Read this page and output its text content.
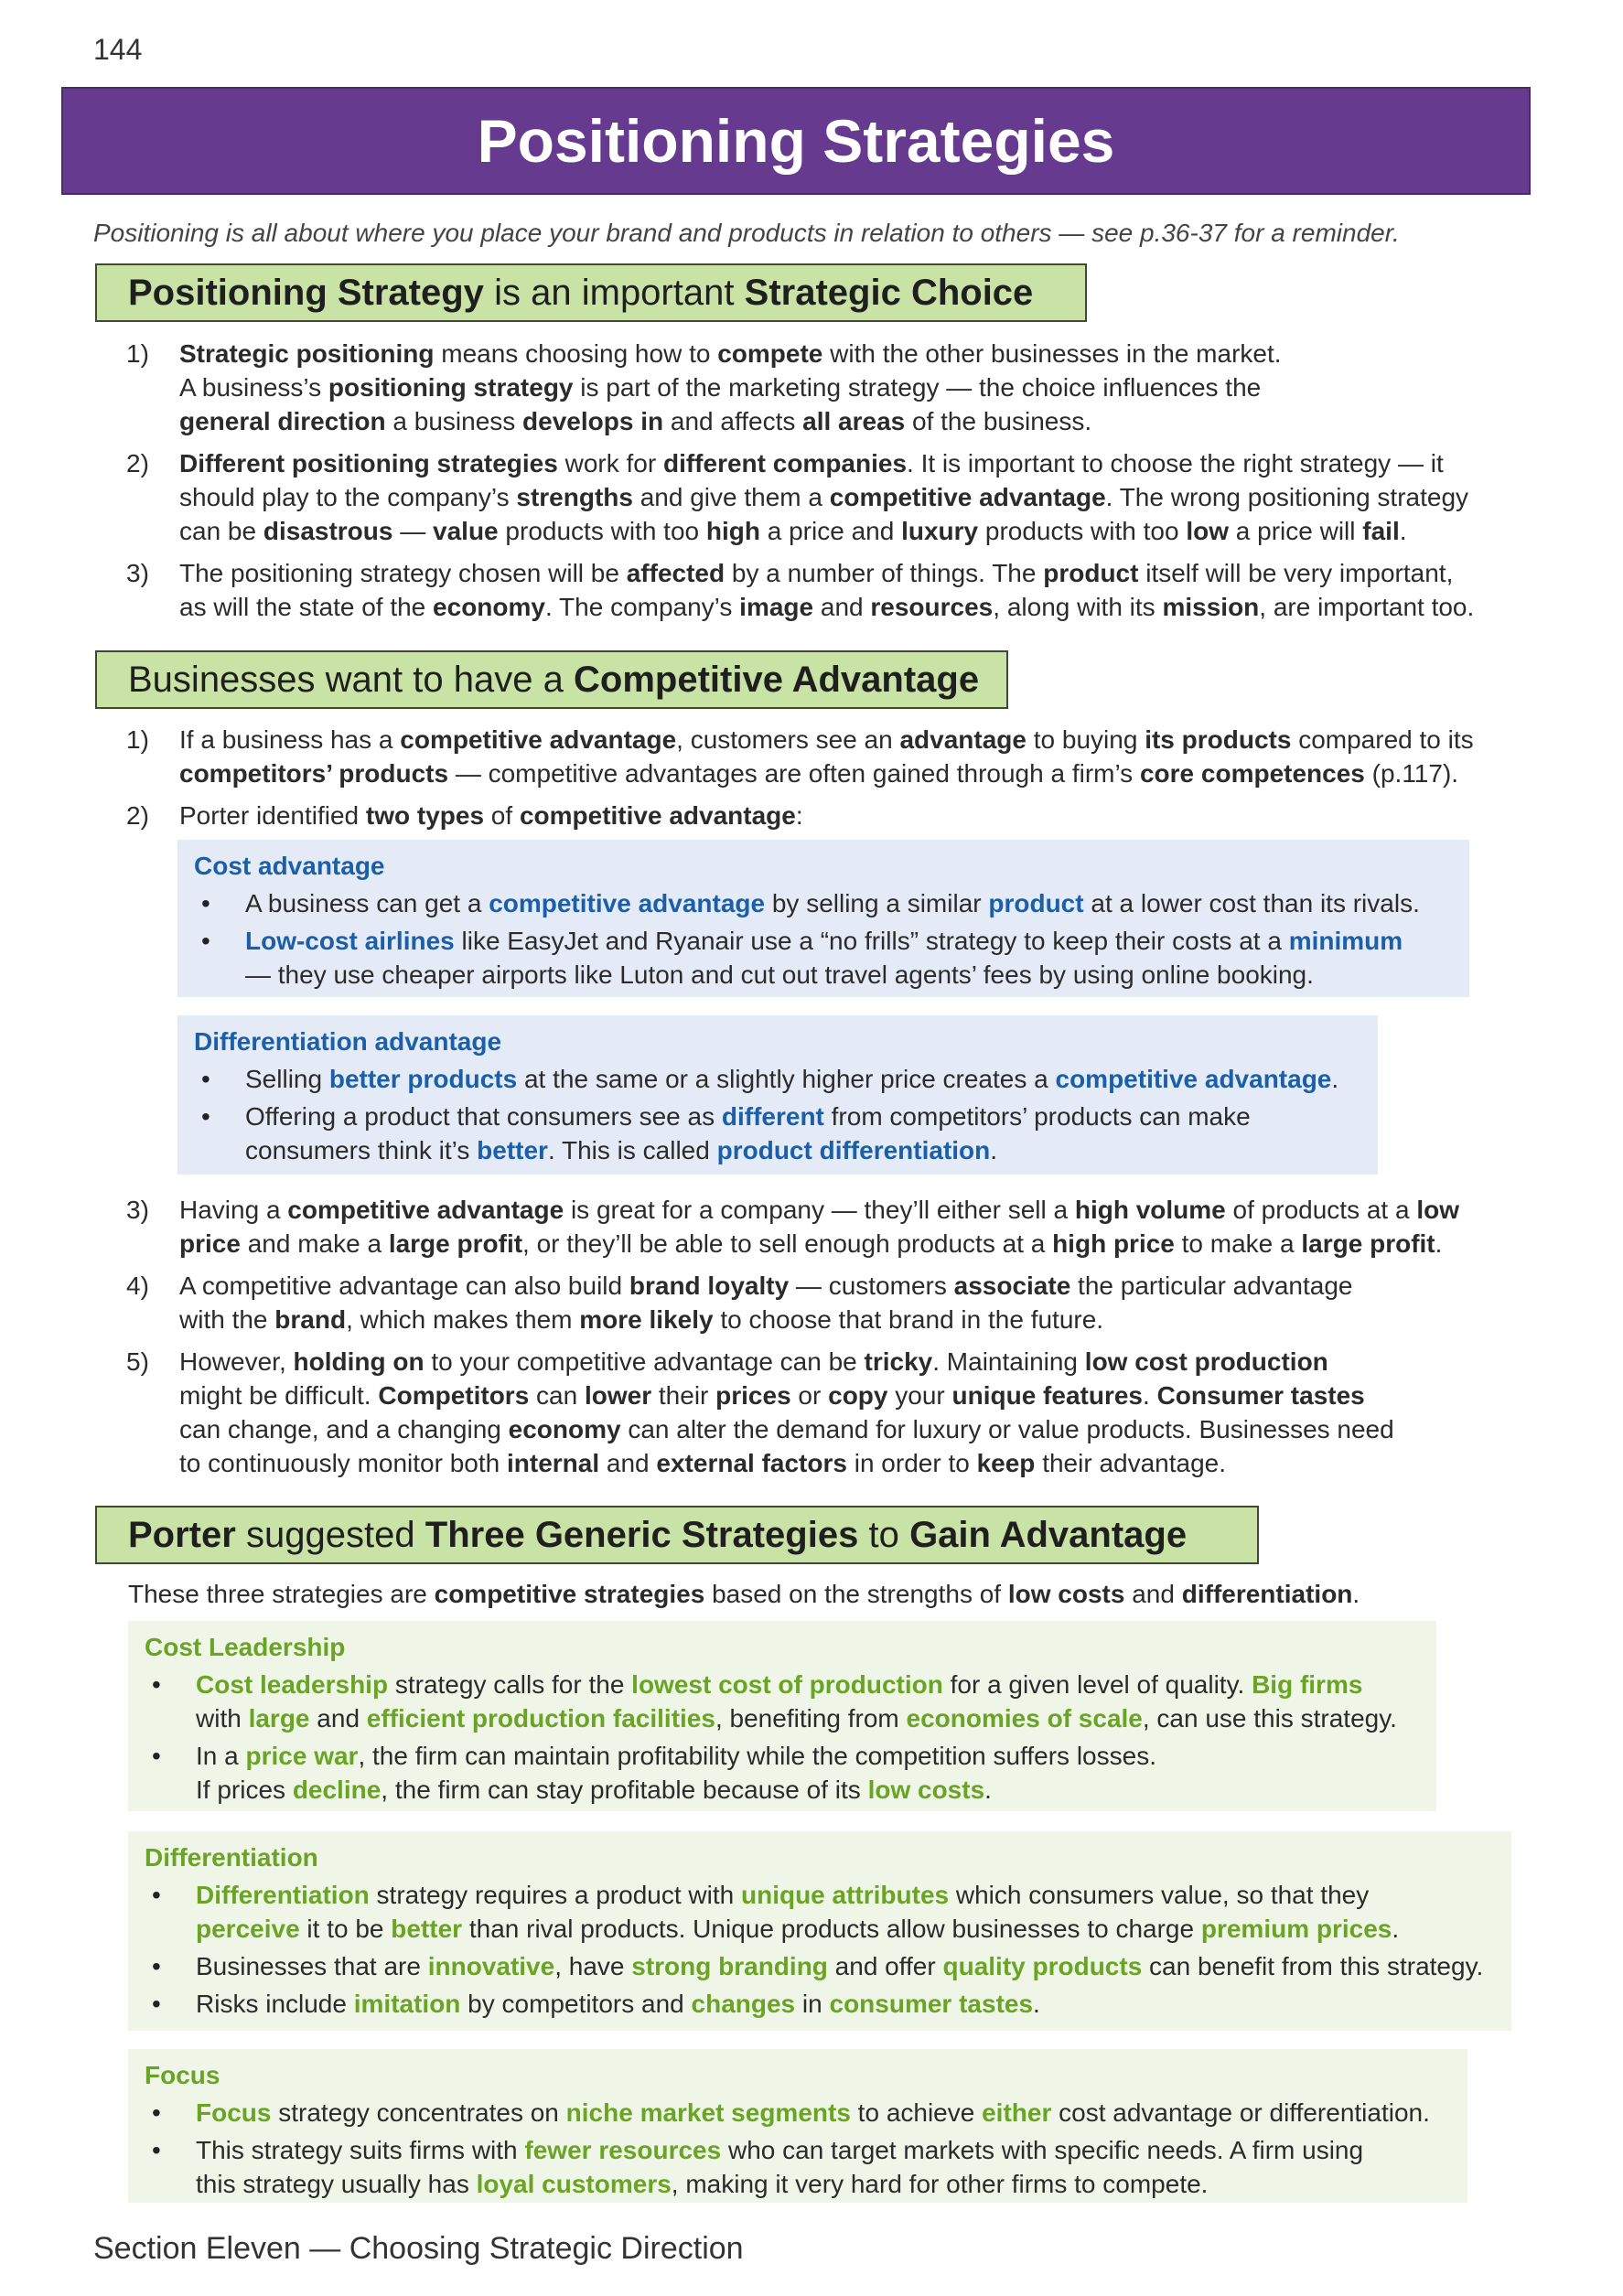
144
Positioning Strategies
Positioning is all about where you place your brand and products in relation to others — see p.36-37 for a reminder.
Positioning Strategy is an important Strategic Choice
1) Strategic positioning means choosing how to compete with the other businesses in the market.
A business’s positioning strategy is part of the marketing strategy — the choice influences the
general direction a business develops in and affects all areas of the business.
2) Different positioning strategies work for different companies. It is important to choose the right strategy — it
should play to the company’s strengths and give them a competitive advantage. The wrong positioning strategy
can be disastrous — value products with too high a price and luxury products with too low a price will fail.
3) The positioning strategy chosen will be affected by a number of things. The product itself will be very important,
as will the state of the economy. The company’s image and resources, along with its mission, are important too.
Businesses want to have a Competitive Advantage
1) If a business has a competitive advantage, customers see an advantage to buying its products compared to its
competitors’ products — competitive advantages are often gained through a firm’s core competences (p.117).
2) Porter identified two types of competitive advantage:
Cost advantage
• A business can get a competitive advantage by selling a similar product at a lower cost than its rivals.
• Low-cost airlines like EasyJet and Ryanair use a “no frills” strategy to keep their costs at a minimum
— they use cheaper airports like Luton and cut out travel agents’ fees by using online booking.
Differentiation advantage
• Selling better products at the same or a slightly higher price creates a competitive advantage.
• Offering a product that consumers see as different from competitors’ products can make
consumers think it’s better. This is called product differentiation.
3) Having a competitive advantage is great for a company — they’ll either sell a high volume of products at a low
price and make a large profit, or they’ll be able to sell enough products at a high price to make a large profit.
4) A competitive advantage can also build brand loyalty — customers associate the particular advantage
with the brand, which makes them more likely to choose that brand in the future.
5) However, holding on to your competitive advantage can be tricky. Maintaining low cost production
might be difficult. Competitors can lower their prices or copy your unique features. Consumer tastes
can change, and a changing economy can alter the demand for luxury or value products. Businesses need
to continuously monitor both internal and external factors in order to keep their advantage.
Porter suggested Three Generic Strategies to Gain Advantage
These three strategies are competitive strategies based on the strengths of low costs and differentiation.
Cost Leadership
• Cost leadership strategy calls for the lowest cost of production for a given level of quality. Big firms
with large and efficient production facilities, benefiting from economies of scale, can use this strategy.
• In a price war, the firm can maintain profitability while the competition suffers losses.
If prices decline, the firm can stay profitable because of its low costs.
Differentiation
• Differentiation strategy requires a product with unique attributes which consumers value, so that they
perceive it to be better than rival products. Unique products allow businesses to charge premium prices.
• Businesses that are innovative, have strong branding and offer quality products can benefit from this strategy.
• Risks include imitation by competitors and changes in consumer tastes.
Focus
• Focus strategy concentrates on niche market segments to achieve either cost advantage or differentiation.
• This strategy suits firms with fewer resources who can target markets with specific needs. A firm using
this strategy usually has loyal customers, making it very hard for other firms to compete.
Section Eleven — Choosing Strategic Direction
